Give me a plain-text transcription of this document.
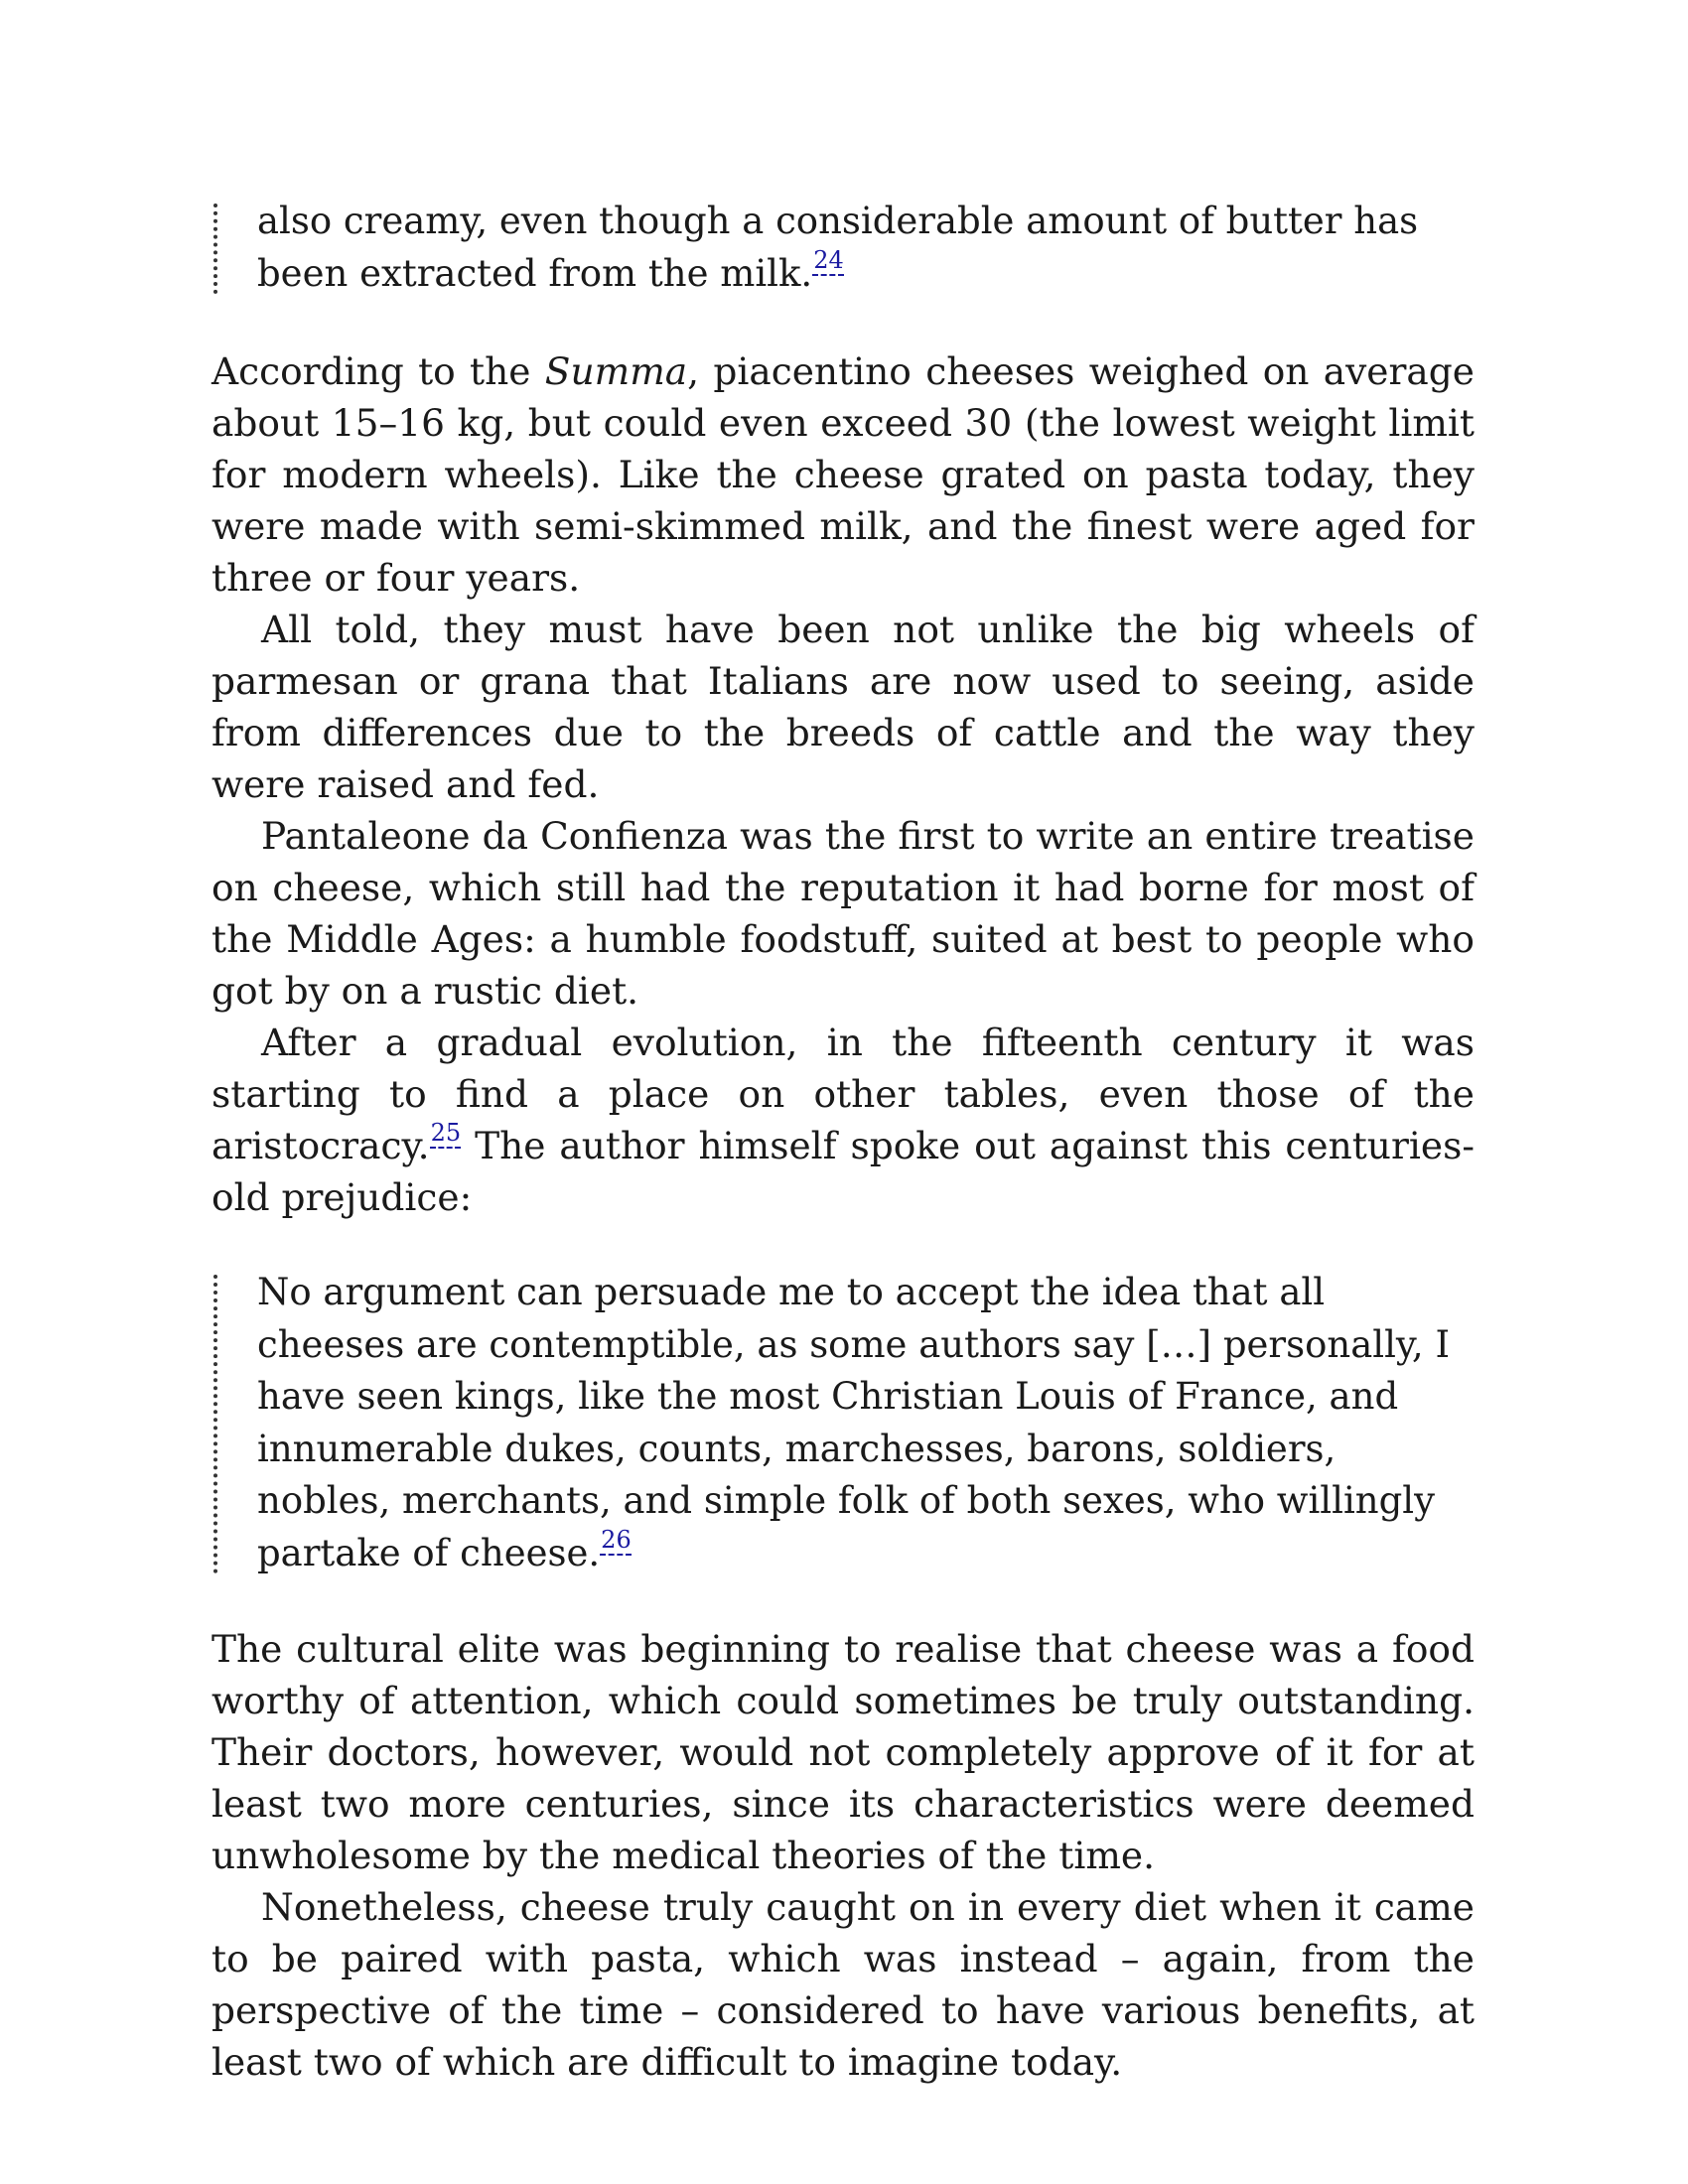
also creamy, even though a considerable amount of butter has been extracted from the milk.$^{24}$

According to the Summa, piacentino cheeses weighed on average about 15–16 kg, but could even exceed 30 (the lowest weight limit for modern wheels). Like the cheese grated on pasta today, they were made with semi-skimmed milk, and the finest were aged for three or four years.

All told, they must have been not unlike the big wheels of parmesan or grana that Italians are now used to seeing, aside from differences due to the breeds of cattle and the way they were raised and fed.

Pantaleone da Confienza was the first to write an entire treatise on cheese, which still had the reputation it had borne for most of the Middle Ages: a humble foodstuff, suited at best to people who got by on a rustic diet.

After a gradual evolution, in the fifteenth century it was starting to find a place on other tables, even those of the aristocracy.$^{25}$ The author himself spoke out against this centuries-old prejudice:

No argument can persuade me to accept the idea that all cheeses are contemptible, as some authors say […] personally, I have seen kings, like the most Christian Louis of France, and innumerable dukes, counts, marchesses, barons, soldiers, nobles, merchants, and simple folk of both sexes, who willingly partake of cheese.$^{26}$

The cultural elite was beginning to realise that cheese was a food worthy of attention, which could sometimes be truly outstanding. Their doctors, however, would not completely approve of it for at least two more centuries, since its characteristics were deemed unwholesome by the medical theories of the time.

Nonetheless, cheese truly caught on in every diet when it came to be paired with pasta, which was instead – again, from the perspective of the time – considered to have various benefits, at least two of which are difficult to imagine today.
